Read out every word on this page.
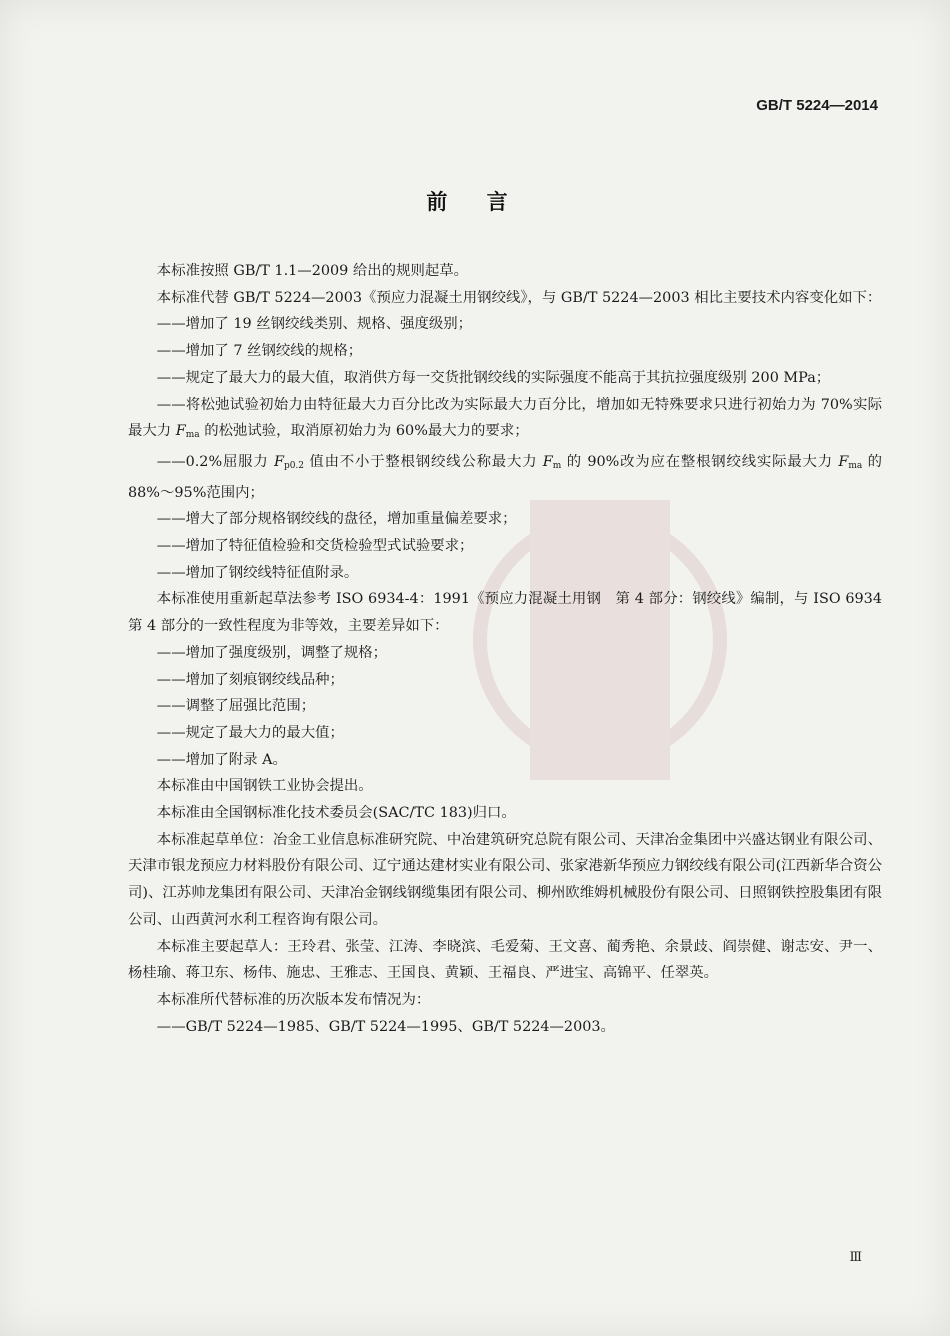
GB/T 5224—2014
前 言

本标准按照 GB/T 1.1—2009 给出的规则起草。

本标准代替 GB/T 5224—2003《预应力混凝土用钢绞线》，与 GB/T 5224—2003 相比主要技术内容变化如下：

——增加了 19 丝钢绞线类别、规格、强度级别；

——增加了 7 丝钢绞线的规格；

——规定了最大力的最大值，取消供方每一交货批钢绞线的实际强度不能高于其抗拉强度级别 200 MPa；

——将松弛试验初始力由特征最大力百分比改为实际最大力百分比，增加如无特殊要求只进行初始力为 70%实际最大力 $F_{ma}$ 的松弛试验，取消原初始力为 60%最大力的要求；

——0.2%屈服力 $F_{p0.2}$ 值由不小于整根钢绞线公称最大力 $F_m$ 的 90%改为应在整根钢绞线实际最大力 $F_{ma}$ 的 88%～95%范围内；

——增大了部分规格钢绞线的盘径，增加重量偏差要求；

——增加了特征值检验和交货检验型式试验要求；

——增加了钢绞线特征值附录。

本标准使用重新起草法参考 ISO 6934-4：1991《预应力混凝土用钢　第 4 部分：钢绞线》编制，与 ISO 6934 第 4 部分的一致性程度为非等效，主要差异如下：

——增加了强度级别，调整了规格；

——增加了刻痕钢绞线品种；

——调整了屈强比范围；

——规定了最大力的最大值；

——增加了附录 A。

本标准由中国钢铁工业协会提出。

本标准由全国钢标准化技术委员会(SAC/TC 183)归口。

本标准起草单位：冶金工业信息标准研究院、中冶建筑研究总院有限公司、天津冶金集团中兴盛达钢业有限公司、天津市银龙预应力材料股份有限公司、辽宁通达建材实业有限公司、张家港新华预应力钢绞线有限公司(江西新华合资公司)、江苏帅龙集团有限公司、天津冶金钢线钢缆集团有限公司、柳州欧维姆机械股份有限公司、日照钢铁控股集团有限公司、山西黄河水利工程咨询有限公司。

本标准主要起草人：王玲君、张莹、江涛、李晓滨、毛爱菊、王文喜、蔺秀艳、余景歧、阎崇健、谢志安、尹一、杨桂瑜、蒋卫东、杨伟、施忠、王雅志、王国良、黄颖、王福良、严进宝、高锦平、任翠英。

本标准所代替标准的历次版本发布情况为：

——GB/T 5224—1985、GB/T 5224—1995、GB/T 5224—2003。

Ⅲ
